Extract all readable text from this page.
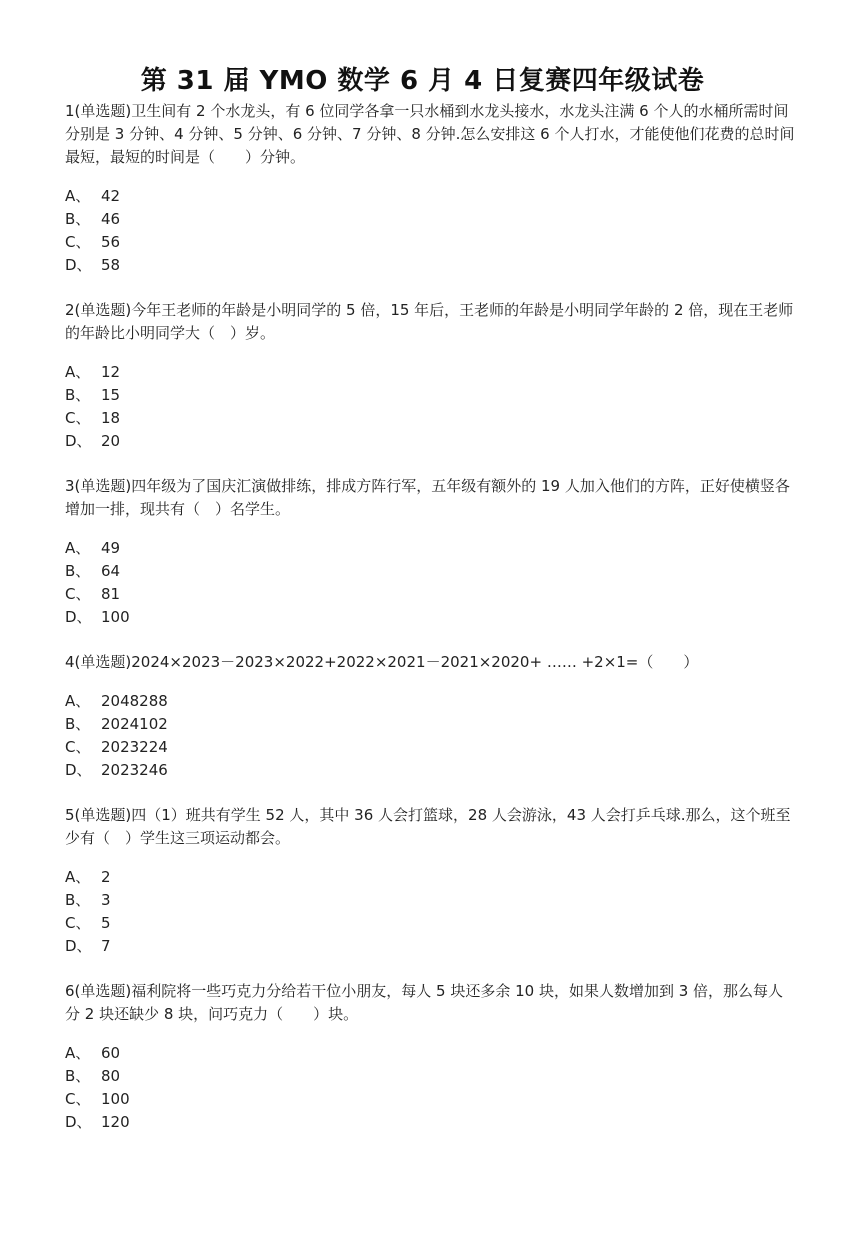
第 31 届 YMO 数学 6 月 4 日复赛四年级试卷

1(单选题)卫生间有 2 个水龙头，有 6 位同学各拿一只水桶到水龙头接水，水龙头注满 6 个人的水桶所需时间分别是 3 分钟、4 分钟、5 分钟、6 分钟、7 分钟、8 分钟.怎么安排这 6 个人打水，才能使他们花费的总时间最短，最短的时间是（　　）分钟。

A、 42
B、 46
C、 56
D、 58

2(单选题)今年王老师的年龄是小明同学的 5 倍，15 年后，王老师的年龄是小明同学年龄的 2 倍，现在王老师的年龄比小明同学大（　）岁。

A、 12
B、 15
C、 18
D、 20

3(单选题)四年级为了国庆汇演做排练，排成方阵行军，五年级有额外的 19 人加入他们的方阵，正好使横竖各增加一排，现共有（　）名学生。

A、 49
B、 64
C、 81
D、 100

4(单选题)2024×2023－2023×2022+2022×2021－2021×2020+ …… +2×1=（　　）

A、 2048288
B、 2024102
C、 2023224
D、 2023246

5(单选题)四（1）班共有学生 52 人，其中 36 人会打篮球，28 人会游泳，43 人会打乒乓球.那么，这个班至少有（　）学生这三项运动都会。

A、 2
B、 3
C、 5
D、 7

6(单选题)福利院将一些巧克力分给若干位小朋友，每人 5 块还多余 10 块，如果人数增加到 3 倍，那么每人分 2 块还缺少 8 块，问巧克力（　　）块。

A、 60
B、 80
C、 100
D、 120
